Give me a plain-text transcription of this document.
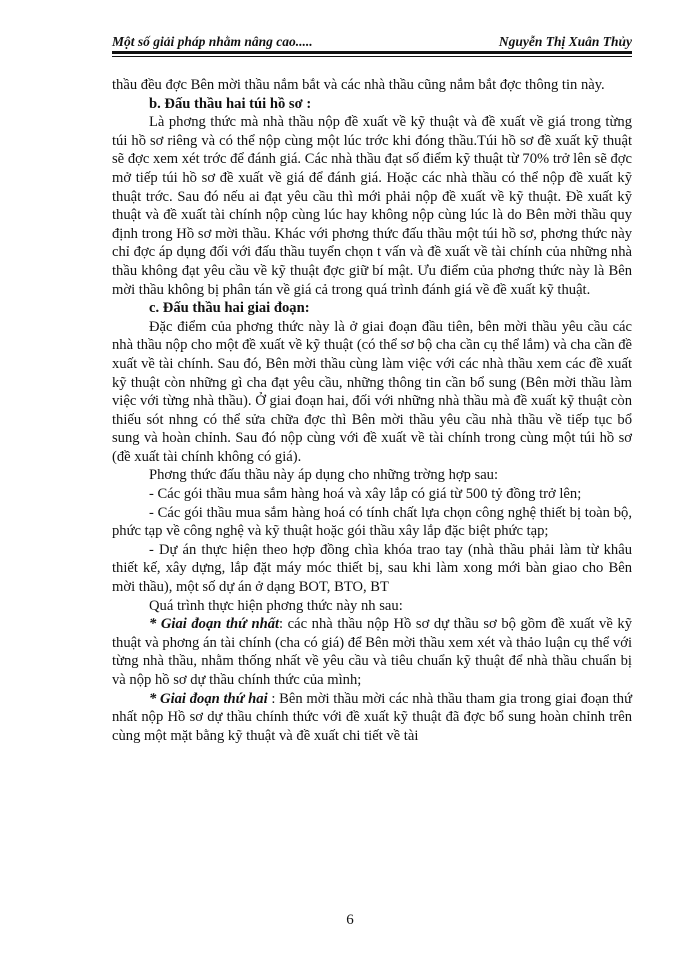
Một số giải pháp nhằm nâng cao.....	Nguyễn Thị Xuân Thủy

thầu đều đợc Bên mời thầu nắm bắt và các nhà thầu cũng nắm bắt đợc thông tin này.

b. Đấu thầu hai túi hồ sơ :

Là phơng thức mà nhà thầu nộp đề xuất về kỹ thuật và đề xuất về giá trong từng túi hồ sơ riêng và có thể nộp cùng một lúc trớc khi đóng thầu.Túi hồ sơ đề xuất kỹ thuật sẽ đợc xem xét trớc để đánh giá. Các nhà thầu đạt số điểm kỹ thuật từ 70% trở lên sẽ đợc mở tiếp túi hồ sơ đề xuất về giá để đánh giá. Hoặc các nhà thầu có thể nộp đề xuất kỹ thuật trớc. Sau đó nếu ai đạt yêu cầu thì mới phải nộp đề xuất về kỹ thuật. Đề xuất kỹ thuật và đề xuất tài chính nộp cùng lúc hay không nộp cùng lúc là do Bên mời thầu quy định trong Hồ sơ mời thầu. Khác với phơng thức đấu thầu một túi hồ sơ, phơng thức này chỉ đợc áp dụng đối với đấu thầu tuyển chọn t vấn và đề xuất về tài chính của những nhà thầu không đạt yêu cầu về kỹ thuật đợc giữ bí mật. Ưu điểm của phơng thức này là Bên mời thầu không bị phân tán về giá cả trong quá trình đánh giá về đề xuất kỹ thuật.

c. Đấu thầu hai giai đoạn:

Đặc điểm của phơng thức này là ở giai đoạn đầu tiên, bên mời thầu yêu cầu các nhà thầu nộp cho một đề xuất về kỹ thuật (có thể sơ bộ cha cần cụ thể lắm) và cha cần đề xuất về tài chính. Sau đó, Bên mời thầu cùng làm việc với các nhà thầu xem các đề xuất kỹ thuật còn những gì cha đạt yêu cầu, những thông tin cần bổ sung (Bên mời thầu làm việc với từng nhà thầu). Ở giai đoạn hai, đối với những nhà thầu mà đề xuất kỹ thuật còn thiếu sót nhng có thể sửa chữa đợc thì Bên mời thầu yêu cầu nhà thầu về tiếp tục bổ sung và hoàn chỉnh. Sau đó nộp cùng với đề xuất về tài chính trong cùng một túi hồ sơ (đề xuất tài chính không có giá).

Phơng thức đấu thầu này áp dụng cho những trờng hợp sau:

- Các gói thầu mua sắm hàng hoá và xây lắp có giá từ 500 tỷ đồng trở lên;

- Các gói thầu mua sắm hàng hoá có tính chất lựa chọn công nghệ thiết bị toàn bộ, phức tạp về công nghệ và kỹ thuật hoặc gói thầu xây lắp đặc biệt phức tạp;

- Dự án thực hiện theo hợp đồng chìa khóa trao tay (nhà thầu phải làm từ khâu thiết kế, xây dựng, lắp đặt máy móc thiết bị, sau khi làm xong mới bàn giao cho Bên mời thầu), một số dự án ở dạng BOT, BTO, BT

Quá trình thực hiện phơng thức này nh sau:

* Giai đoạn thứ nhất: các nhà thầu nộp Hồ sơ dự thầu sơ bộ gồm đề xuất về kỹ thuật và phơng án tài chính (cha có giá) để Bên mời thầu xem xét và thảo luận cụ thể với từng nhà thầu, nhằm thống nhất về yêu cầu và tiêu chuẩn kỹ thuật để nhà thầu chuẩn bị và nộp hồ sơ dự thầu chính thức của mình;

* Giai đoạn thứ hai : Bên mời thầu mời các nhà thầu tham gia trong giai đoạn thứ nhất nộp Hồ sơ dự thầu chính thức với đề xuất kỹ thuật đã đợc bổ sung hoàn chỉnh trên cùng một mặt bằng kỹ thuật và đề xuất chi tiết về tài

6
